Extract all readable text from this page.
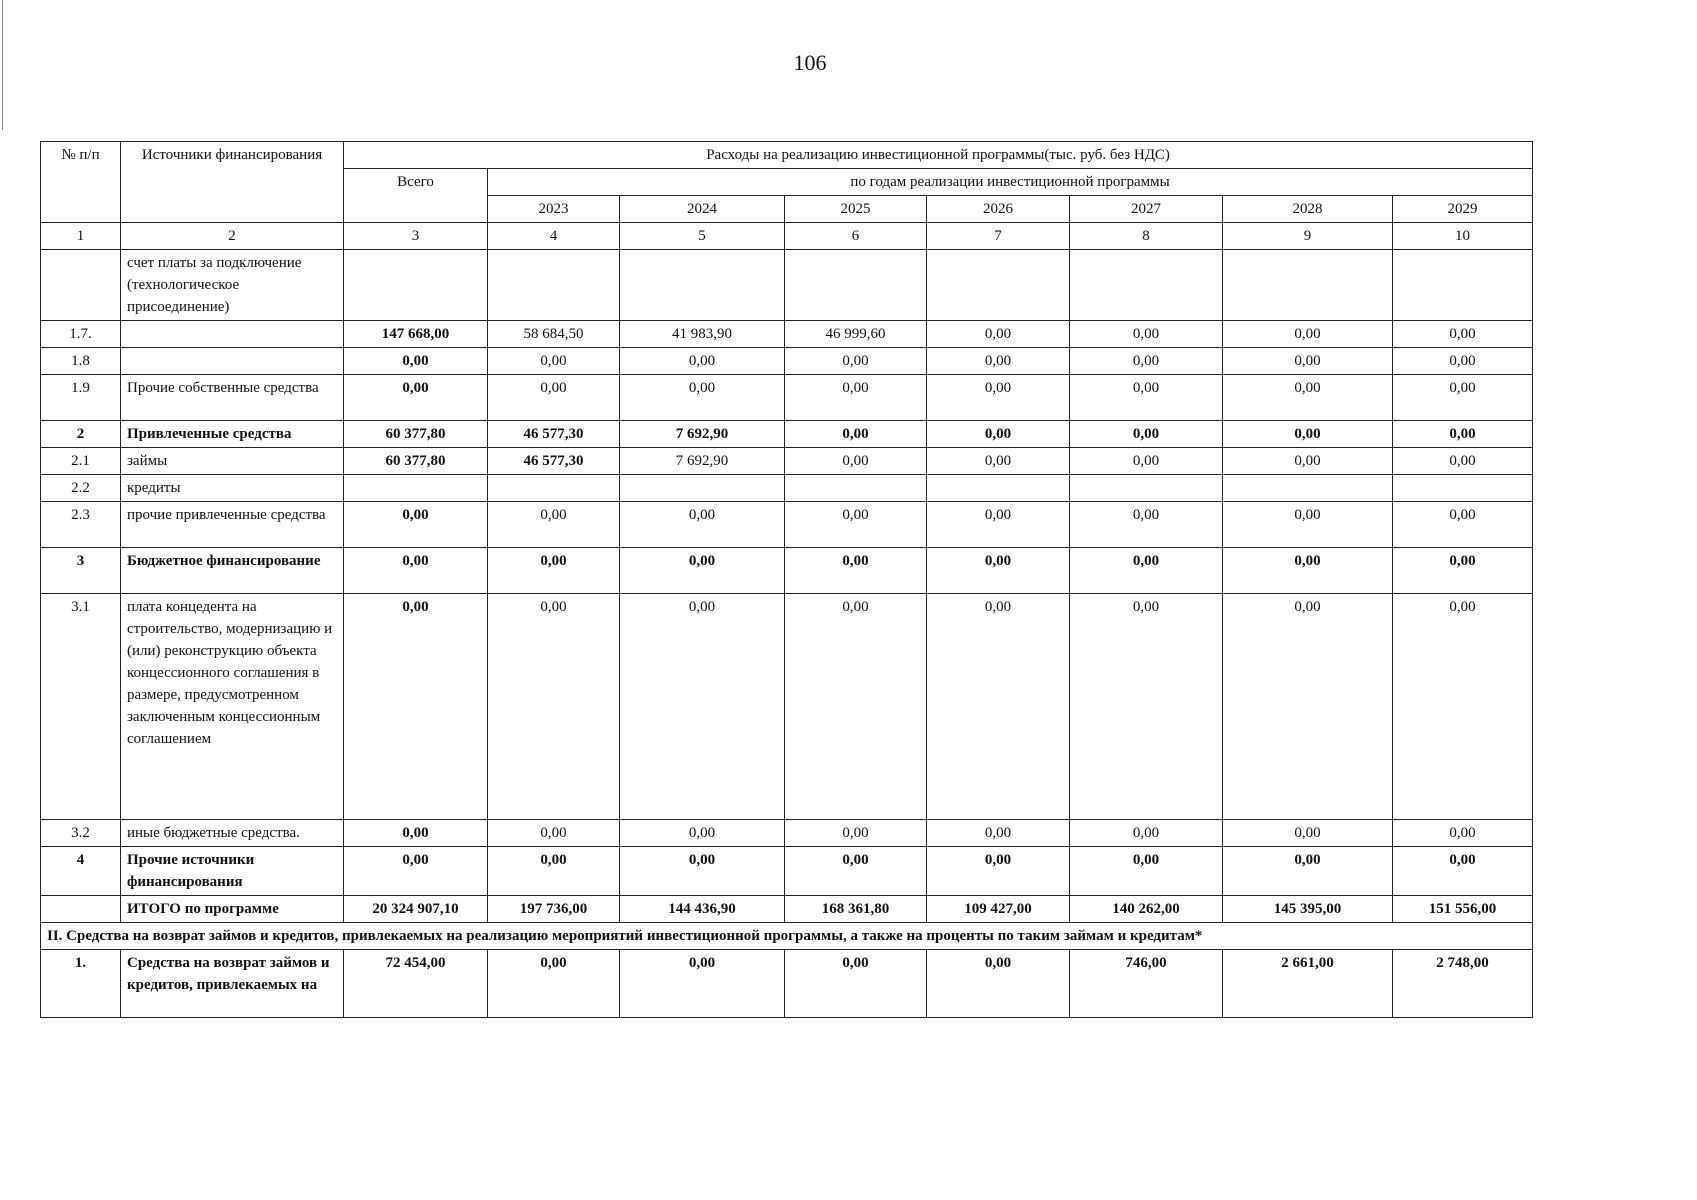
106
№ п/п	Источники финансирования	Расходы на реализацию инвестиционной программы(тыс. руб. без НДС)							
		Всего	по годам реализации инвестиционной программы						
			2023	2024	2025	2026	2027	2028	2029
1	2	3	4	5	6	7	8	9	10
	счет платы за подключение (технологическое присоединение)								
1.7.		147 668,00	58 684,50	41 983,90	46 999,60	0,00	0,00	0,00	0,00
1.8		0,00	0,00	0,00	0,00	0,00	0,00	0,00	0,00
1.9	Прочие собственные средства	0,00	0,00	0,00	0,00	0,00	0,00	0,00	0,00
2	Привлеченные средства	60 377,80	46 577,30	7 692,90	0,00	0,00	0,00	0,00	0,00
2.1	займы	60 377,80	46 577,30	7 692,90	0,00	0,00	0,00	0,00	0,00
2.2	кредиты								
2.3	прочие привлеченные средства	0,00	0,00	0,00	0,00	0,00	0,00	0,00	0,00
3	Бюджетное финансирование	0,00	0,00	0,00	0,00	0,00	0,00	0,00	0,00
3.1	плата концедента на строительство, модернизацию и (или) реконструкцию объекта концессионного соглашения в размере, предусмотренном заключенным концессионным соглашением	0,00	0,00	0,00	0,00	0,00	0,00	0,00	0,00
3.2	иные бюджетные средства.	0,00	0,00	0,00	0,00	0,00	0,00	0,00	0,00
4	Прочие источники финансирования	0,00	0,00	0,00	0,00	0,00	0,00	0,00	0,00
	ИТОГО по программе	20 324 907,10	197 736,00	144 436,90	168 361,80	109 427,00	140 262,00	145 395,00	151 556,00
II. Средства на возврат займов и кредитов, привлекаемых на реализацию мероприятий инвестиционной программы, а также на проценты по таким займам и кредитам*									
1.	Средства на возврат займов и кредитов, привлекаемых на	72 454,00	0,00	0,00	0,00	0,00	746,00	2 661,00	2 748,00
